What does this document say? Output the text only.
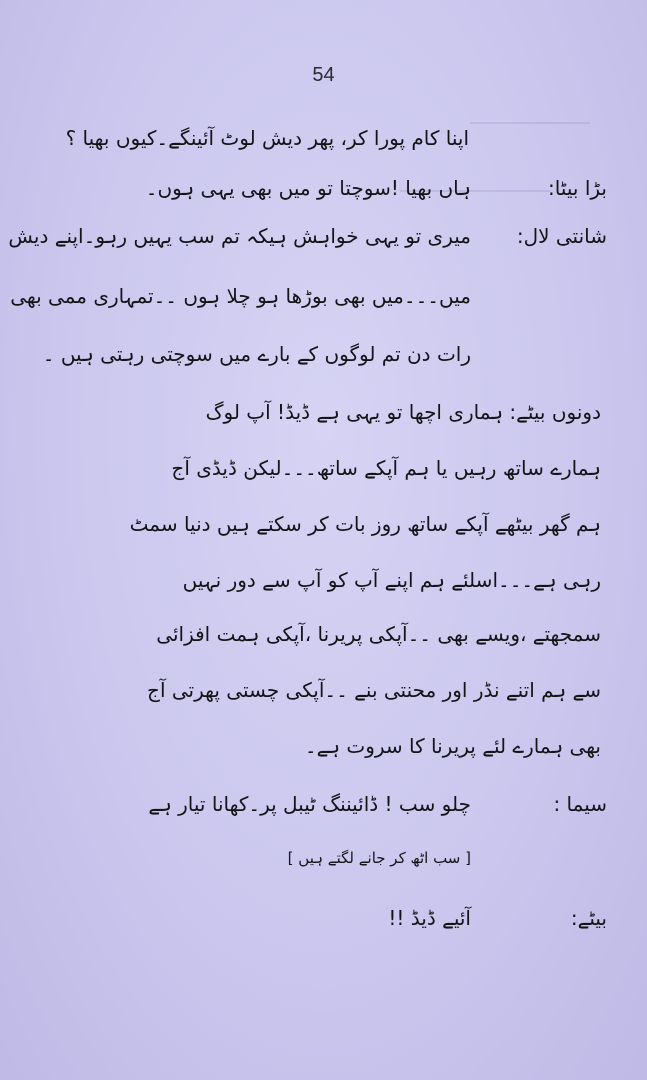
54
بڑا بیٹا:
شانتی لال:
سیما :
بیٹے:
اپنا کام پورا کر، پھر دیش لوٹ آئینگے۔کیوں بھیا ؟
ہاں بھیا !سوچتا تو میں بھی یہی ہوں۔
میری تو یہی خواہش ہیکہ تم سب یہیں رہو۔اپنے دیش
میں۔۔۔میں بھی بوڑھا ہو چلا ہوں ۔۔تمہاری ممی بھی
رات دن تم لوگوں کے بارے میں سوچتی رہتی ہیں ۔
دونوں بیٹے: ہماری اچھا تو یہی ہے ڈیڈ! آپ لوگ
ہمارے ساتھ رہیں یا ہم آپکے ساتھ۔۔۔لیکن ڈیڈی آج
ہم گھر بیٹھے آپکے ساتھ روز بات کر سکتے ہیں دنیا سمٹ
رہی ہے۔۔۔اسلئے ہم اپنے آپ کو آپ سے دور نہیں
سمجھتے ،ویسے بھی ۔۔آپکی پریرنا ،آپکی ہمت افزائی
سے ہم اتنے نڈر اور محنتی بنے ۔۔آپکی چستی پھرتی آج
بھی ہمارے لئے پریرنا کا سروت ہے۔
چلو سب ! ڈائیننگ ٹیبل پر۔کھانا تیار ہے
[ سب اٹھ کر جانے لگتے ہیں ]
آئیے ڈیڈ !!
